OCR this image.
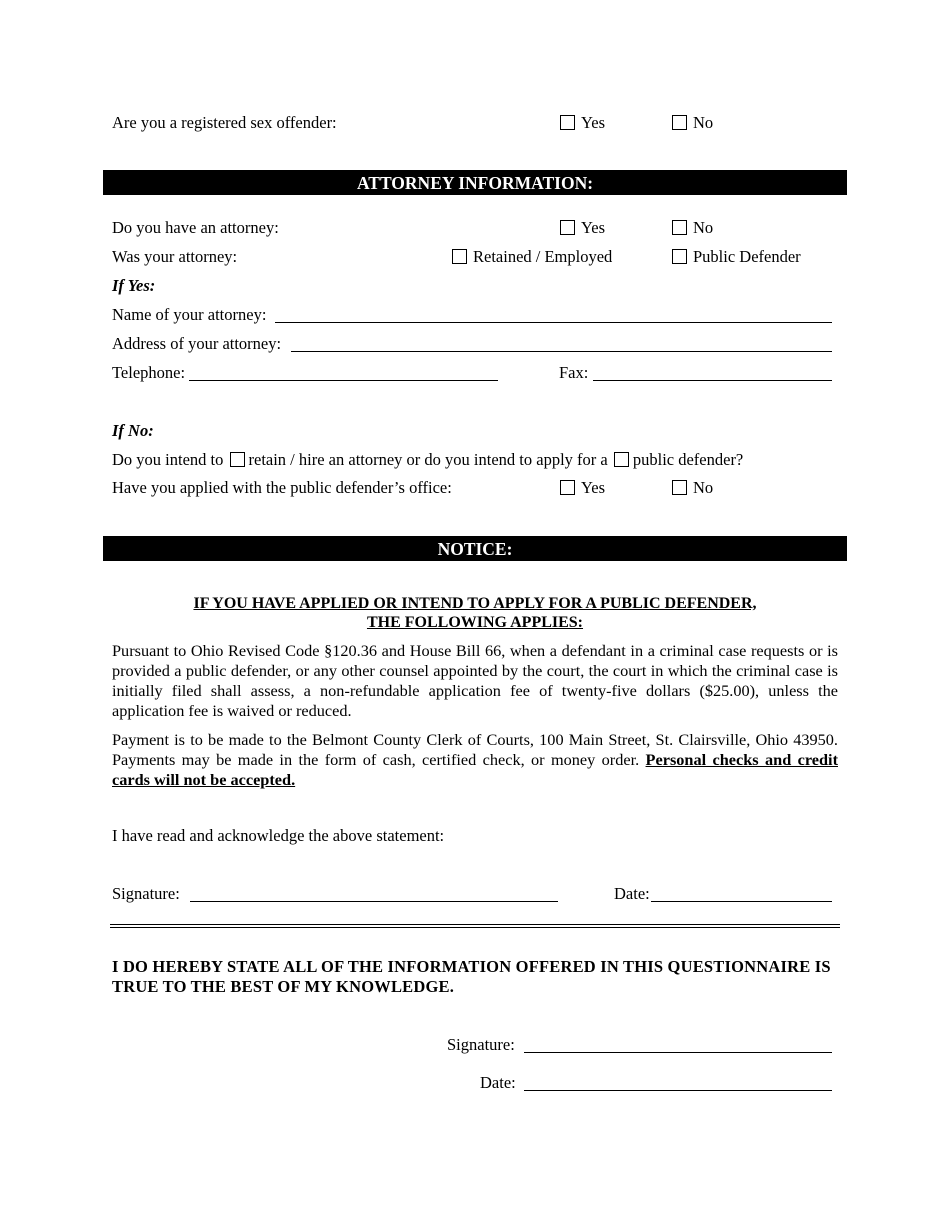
Are you a registered sex offender:	Yes	No
ATTORNEY INFORMATION:
Do you have an attorney:	Yes	No
Was your attorney:	Retained / Employed	Public Defender
If Yes:
Name of your attorney:
Address of your attorney:
Telephone:	Fax:
If No:
Do you intend to retain / hire an attorney or do you intend to apply for a public defender?
Have you applied with the public defender’s office:	Yes	No
NOTICE:
IF YOU HAVE APPLIED OR INTEND TO APPLY FOR A PUBLIC DEFENDER,
THE FOLLOWING APPLIES:
Pursuant to Ohio Revised Code §120.36 and House Bill 66, when a defendant in a criminal case requests or is provided a public defender, or any other counsel appointed by the court, the court in which the criminal case is initially filed shall assess, a non-refundable application fee of twenty-five dollars ($25.00), unless the application fee is waived or reduced.
Payment is to be made to the Belmont County Clerk of Courts, 100 Main Street, St. Clairsville, Ohio 43950. Payments may be made in the form of cash, certified check, or money order. Personal checks and credit cards will not be accepted.
I have read and acknowledge the above statement:
Signature:	Date:
I DO HEREBY STATE ALL OF THE INFORMATION OFFERED IN THIS QUESTIONNAIRE IS TRUE TO THE BEST OF MY KNOWLEDGE.
Signature:
Date:
